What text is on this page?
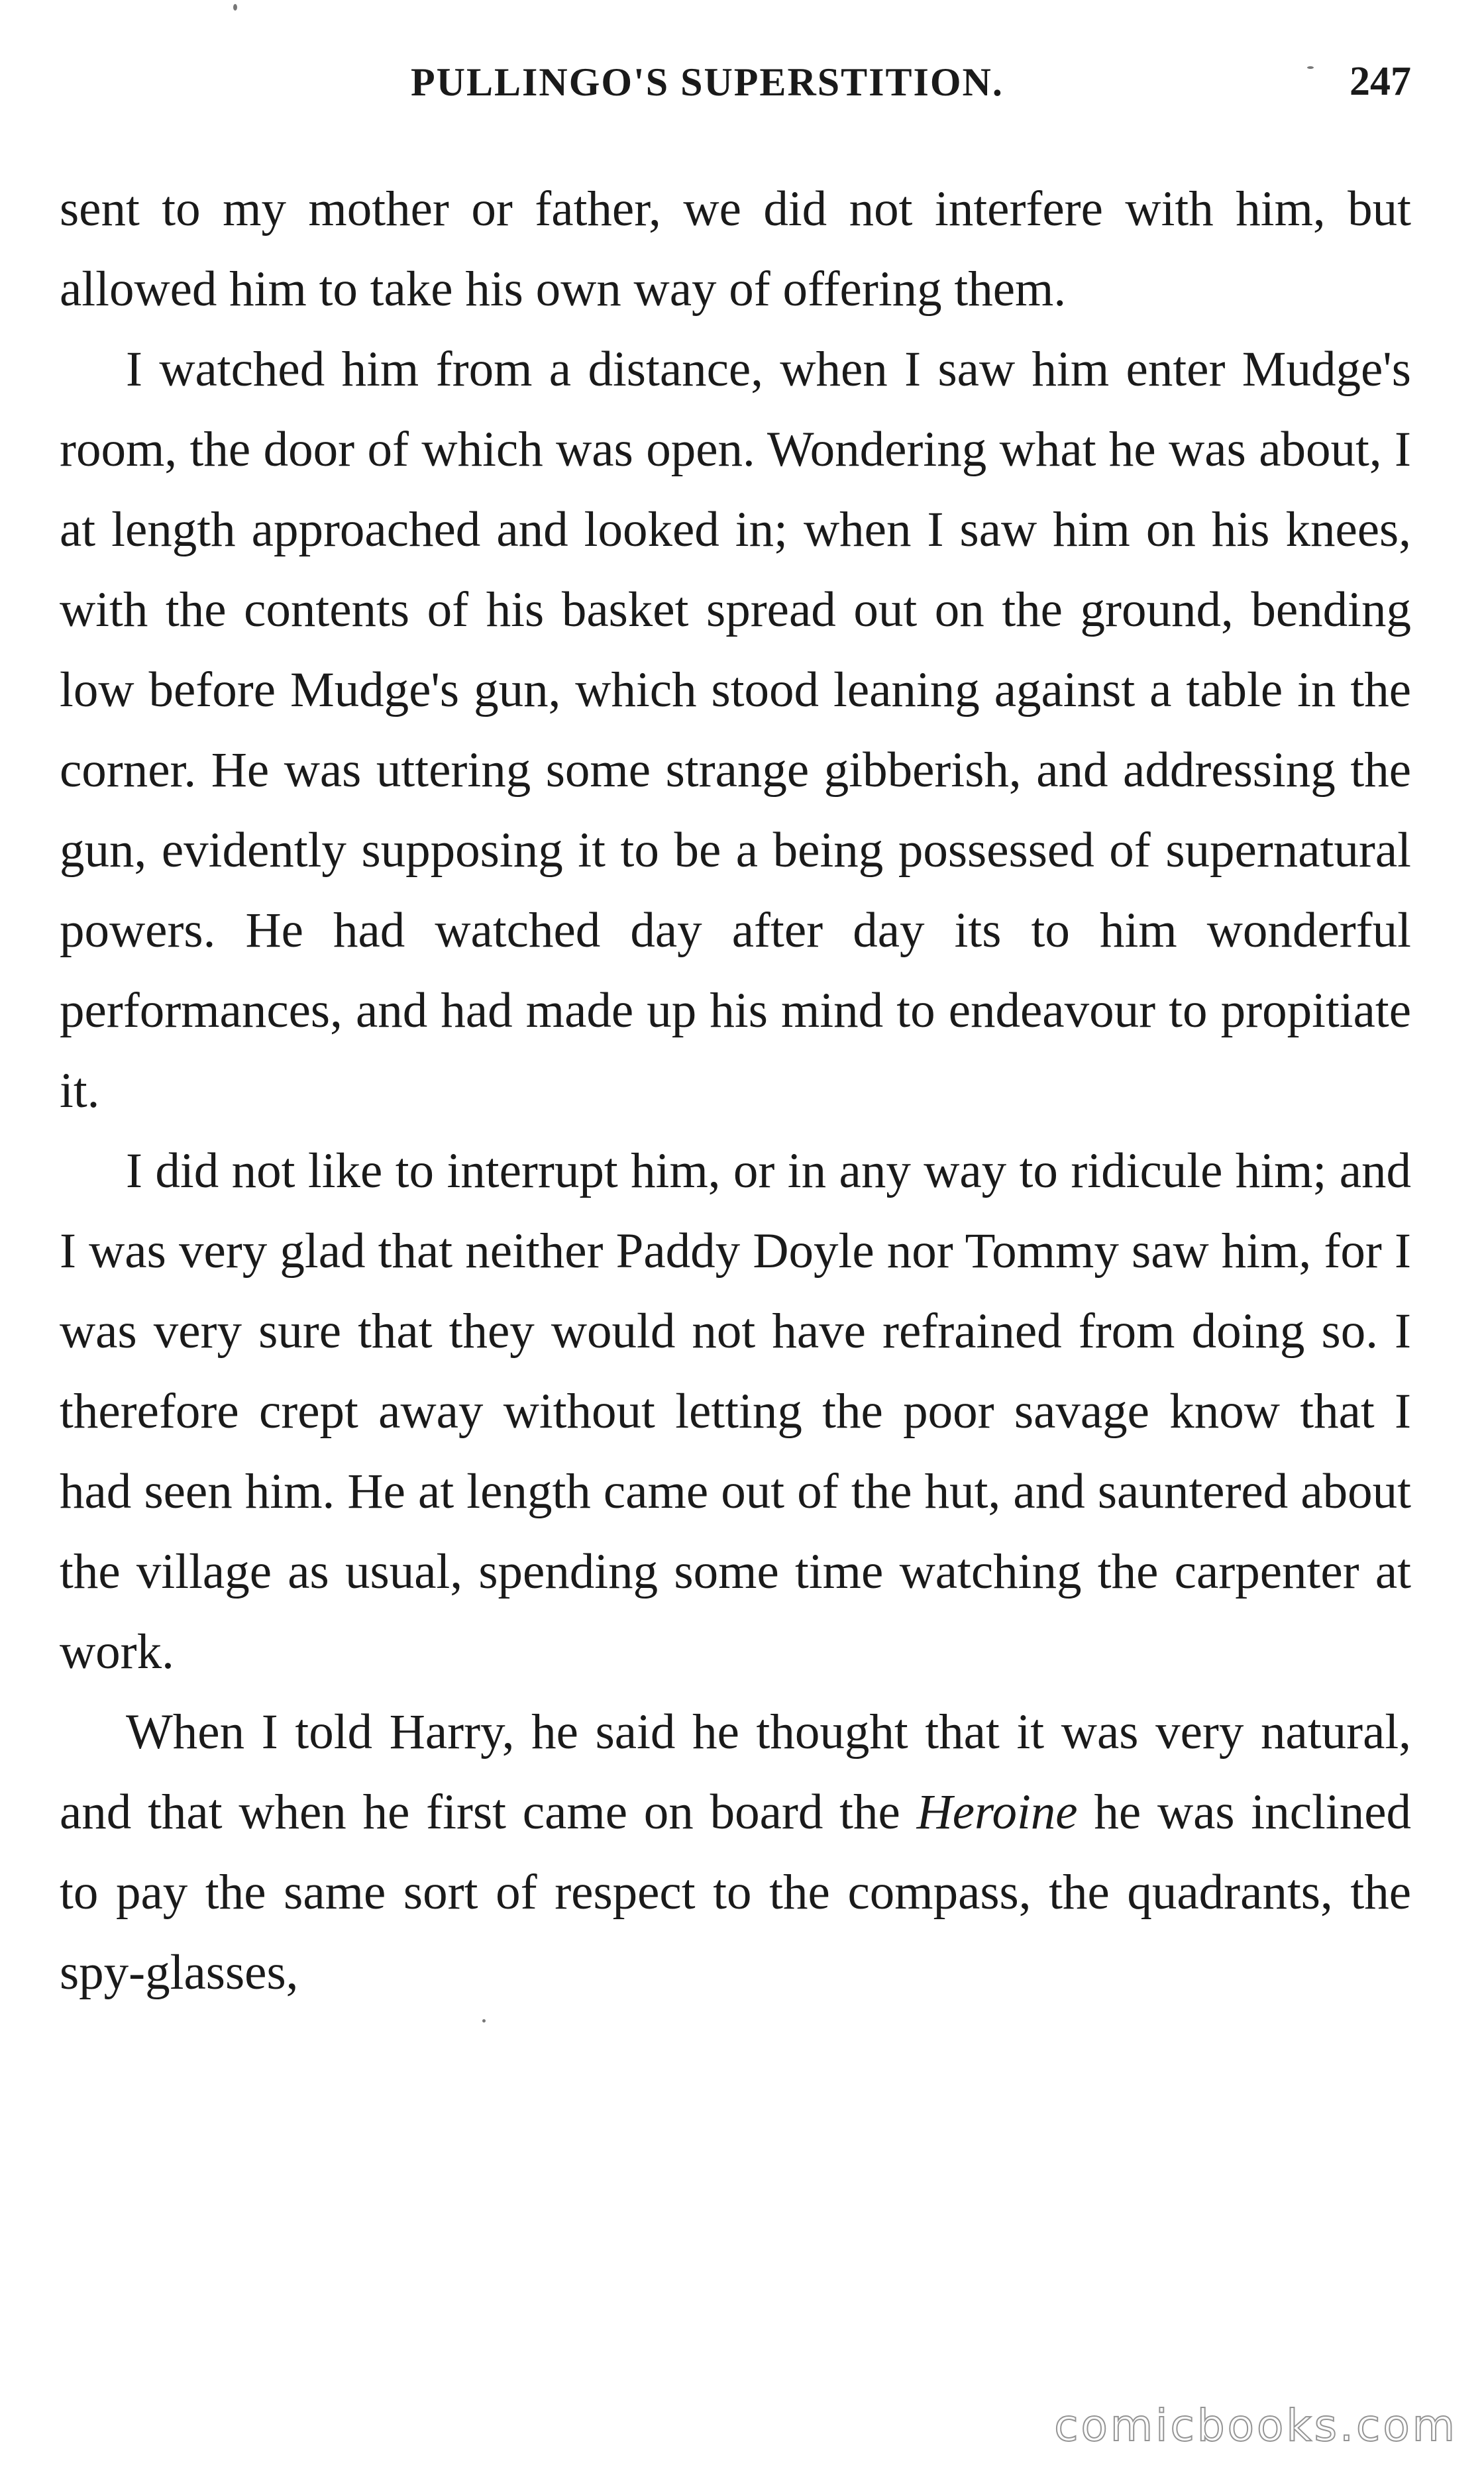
PULLINGO'S SUPERSTITION.	247

sent to my mother or father, we did not interfere with him, but allowed him to take his own way of offering them.

I watched him from a distance, when I saw him enter Mudge's room, the door of which was open. Wondering what he was about, I at length approached and looked in; when I saw him on his knees, with the contents of his basket spread out on the ground, bending low before Mudge's gun, which stood leaning against a table in the corner. He was uttering some strange gibberish, and addressing the gun, evidently supposing it to be a being possessed of supernatural powers. He had watched day after day its to him wonderful performances, and had made up his mind to endeavour to propitiate it.

I did not like to interrupt him, or in any way to ridicule him; and I was very glad that neither Paddy Doyle nor Tommy saw him, for I was very sure that they would not have refrained from doing so. I therefore crept away without letting the poor savage know that I had seen him. He at length came out of the hut, and sauntered about the village as usual, spending some time watching the carpenter at work.

When I told Harry, he said he thought that it was very natural, and that when he first came on board the Heroine he was inclined to pay the same sort of respect to the compass, the quadrants, the spy-glasses,

comicbooks.com
